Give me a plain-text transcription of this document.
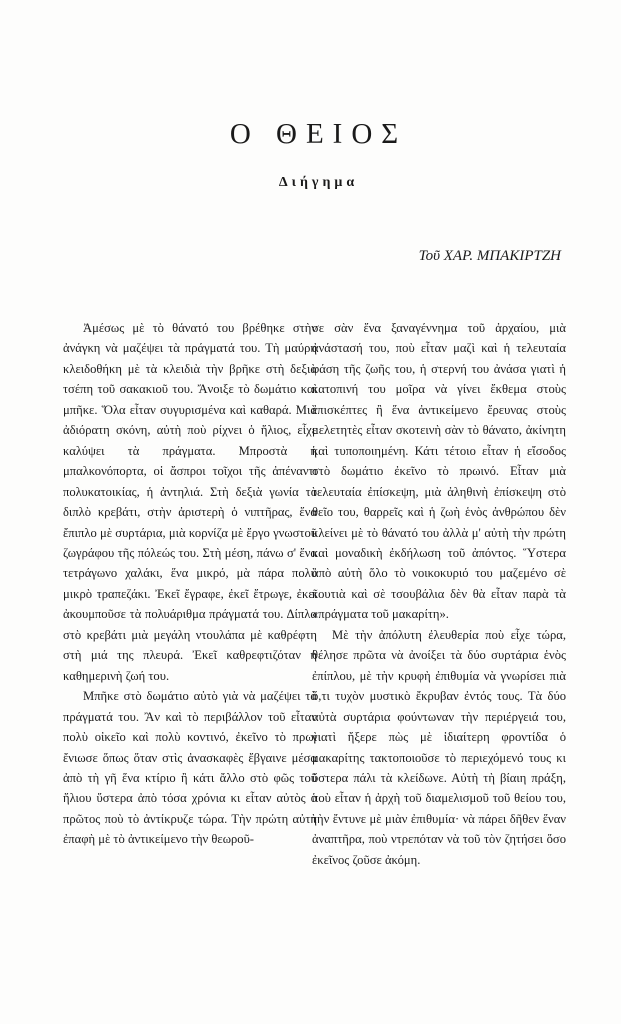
Ο ΘΕΙΟΣ
Διήγημα
Τοῦ ΧΑΡ. ΜΠΑΚΙΡΤΖΗ

Ἀμέσως μὲ τὸ θάνατό του βρέθηκε στὴν ἀνάγκη νὰ μαζέψει τὰ πράγματά του. Τὴ μαύρη κλειδοθήκη μὲ τὰ κλειδιὰ τὴν βρῆκε στὴ δεξιὰ τσέπη τοῦ σακακιοῦ του. Ἄνοιξε τὸ δωμάτιο καὶ μπῆκε. Ὅλα εἶταν συγυρισμένα καὶ καθαρά. Μιὰ ἀδιόρατη σκόνη, αὐτὴ ποὺ ρίχνει ὁ ἥλιος, εἶχε καλύψει τὰ πράγματα. Μπροστὰ ἡ μπαλκονόπορτα, οἱ ἄσπροι τοῖχοι τῆς ἀπέναντι πολυκατοικίας, ἡ ἀντηλιά. Στὴ δεξιὰ γωνία τὸ διπλὸ κρεβάτι, στὴν ἀριστερὴ ὁ νιπτῆρας, ἕνα ἔπιπλο μὲ συρτάρια, μιὰ κορνίζα μὲ ἔργο γνωστοῦ ζωγράφου τῆς πόλεώς του. Στὴ μέση, πάνω σ' ἕνα τετράγωνο χαλάκι, ἕνα μικρό, μὰ πάρα πολὺ μικρὸ τραπεζάκι. Ἐκεῖ ἔγραφε, ἐκεῖ ἔτρωγε, ἐκεῖ ἀκουμποῦσε τὰ πολυάριθμα πράγματά του. Δίπλα στὸ κρεβάτι μιὰ μεγάλη ντουλάπα μὲ καθρέφτη στὴ μιά της πλευρά. Ἐκεῖ καθρεφτιζόταν ἡ καθημερινὴ ζωή του.

Μπῆκε στὸ δωμάτιο αὐτὸ γιὰ νὰ μαζέψει τὰ πράγματά του. Ἂν καὶ τὸ περιβάλλον τοῦ εἶταν πολὺ οἰκεῖο καὶ πολὺ κοντινό, ἐκεῖνο τὸ πρωὶ ἔνιωσε ὅπως ὅταν στὶς ἀνασκαφὲς ἔβγαινε μέσα ἀπὸ τὴ γῆ ἕνα κτίριο ἢ κάτι ἄλλο στὸ φῶς τοῦ ἥλιου ὕστερα ἀπὸ τόσα χρόνια κι εἶταν αὐτὸς ὁ πρῶτος ποὺ τὸ ἀντίκρυζε τώρα. Τὴν πρώτη αὐτὴ ἐπαφὴ μὲ τὸ ἀντικείμενο τὴν θεωροῦ-

σε σὰν ἕνα ξαναγέννημα τοῦ ἀρχαίου, μιὰ ἀνάστασή του, ποὺ εἶταν μαζὶ καὶ ἡ τελευταία φάση τῆς ζωῆς του, ἡ στερνή του ἀνάσα γιατὶ ἡ κατοπινή του μοῖρα νὰ γίνει ἔκθεμα στοὺς ἐπισκέπτες ἢ ἕνα ἀντικείμενο ἔρευνας στοὺς μελετητὲς εἶταν σκοτεινὴ σὰν τὸ θάνατο, ἀκίνητη καὶ τυποποιημένη. Κάτι τέτοιο εἶταν ἡ εἴσοδος στὸ δωμάτιο ἐκεῖνο τὸ πρωινό. Εἶταν μιὰ τελευταία ἐπίσκεψη, μιὰ ἀληθινὴ ἐπίσκεψη στὸ θεῖο του, θαρρεῖς καὶ ἡ ζωὴ ἑνὸς ἀνθρώπου δὲν κλείνει μὲ τὸ θάνατό του ἀλλὰ μ' αὐτὴ τὴν πρώτη καὶ μοναδικὴ ἐκδήλωση τοῦ ἀπόντος. Ὕστερα ἀπὸ αὐτὴ ὅλο τὸ νοικοκυριό του μαζεμένο σὲ κουτιὰ καὶ σὲ τσουβάλια δὲν θὰ εἶταν παρὰ τὰ «πράγματα τοῦ μακαρίτη».

Μὲ τὴν ἀπόλυτη ἐλευθερία ποὺ εἶχε τώρα, θέλησε πρῶτα νὰ ἀνοίξει τὰ δύο συρτάρια ἑνὸς ἐπίπλου, μὲ τὴν κρυφὴ ἐπιθυμία νὰ γνωρίσει πιὰ ὅ,τι τυχὸν μυστικὸ ἔκρυβαν ἐντός τους. Τὰ δύο αὐτὰ συρτάρια φούντωναν τὴν περιέργειά του, γιατὶ ἤξερε πὼς μὲ ἰδιαίτερη φροντίδα ὁ μακαρίτης τακτοποιοῦσε τὸ περιεχόμενό τους κι ὕστερα πάλι τὰ κλείδωνε. Αὐτὴ τὴ βίαιη πράξη, ποὺ εἶταν ἡ ἀρχὴ τοῦ διαμελισμοῦ τοῦ θείου του, τὴν ἔντυνε μὲ μιὰν ἐπιθυμία· νὰ πάρει δῆθεν ἕναν ἀναπτῆρα, ποὺ ντρεπόταν νὰ τοῦ τὸν ζητήσει ὅσο ἐκεῖνος ζοῦσε ἀκόμη.
